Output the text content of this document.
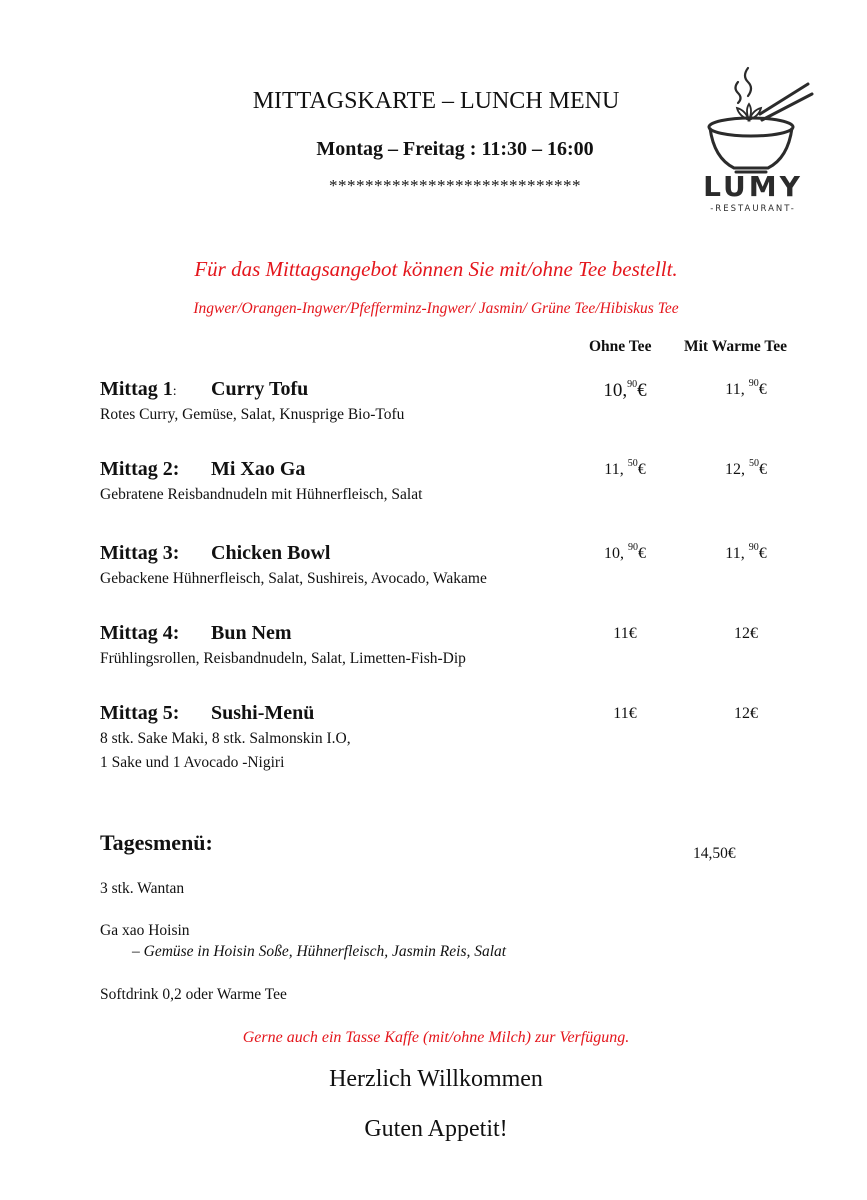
MITTAGSKARTE – LUNCH MENU
Montag – Freitag : 11:30 – 16:00
****************************	LUMY
-RESTAURANT-
Für das Mittagsangebot können Sie mit/ohne Tee bestellt.
Ingwer/Orangen-Ingwer/Pfefferminz-Ingwer/ Jasmin/ Grüne Tee/Hibiskus Tee
Ohne Tee Mit Warme Tee
Mittag 1: Curry Tofu
Rotes Curry, Gemüse, Salat, Knusprige Bio-Tofu
10,90€	11, $^{90}$€
Mittag 2: Mi Xao Ga
Gebratene Reisbandnudeln mit Hühnerfleisch, Salat
11, $^{50}$€	12, $^{50}$€
Mittag 3: Chicken Bowl
Gebackene Hühnerfleisch, Salat, Sushireis, Avocado, Wakame
10, $^{90}$€	11, $^{90}$€
Mittag 4: Bun Nem
Frühlingsrollen, Reisbandnudeln, Salat, Limetten-Fish-Dip
11€	12€
Mittag 5: Sushi-Menü
8 stk. Sake Maki, 8 stk. Salmonskin I.O,
1 Sake und 1 Avocado -Nigiri
11€	12€
Tagesmenü:	14,50€
3 stk. Wantan
Ga xao Hoisin
– Gemüse in Hoisin Soße, Hühnerfleisch, Jasmin Reis, Salat
Softdrink 0,2 oder Warme Tee
Gerne auch ein Tasse Kaffe (mit/ohne Milch) zur Verfügung.
Herzlich Willkommen
Guten Appetit!
